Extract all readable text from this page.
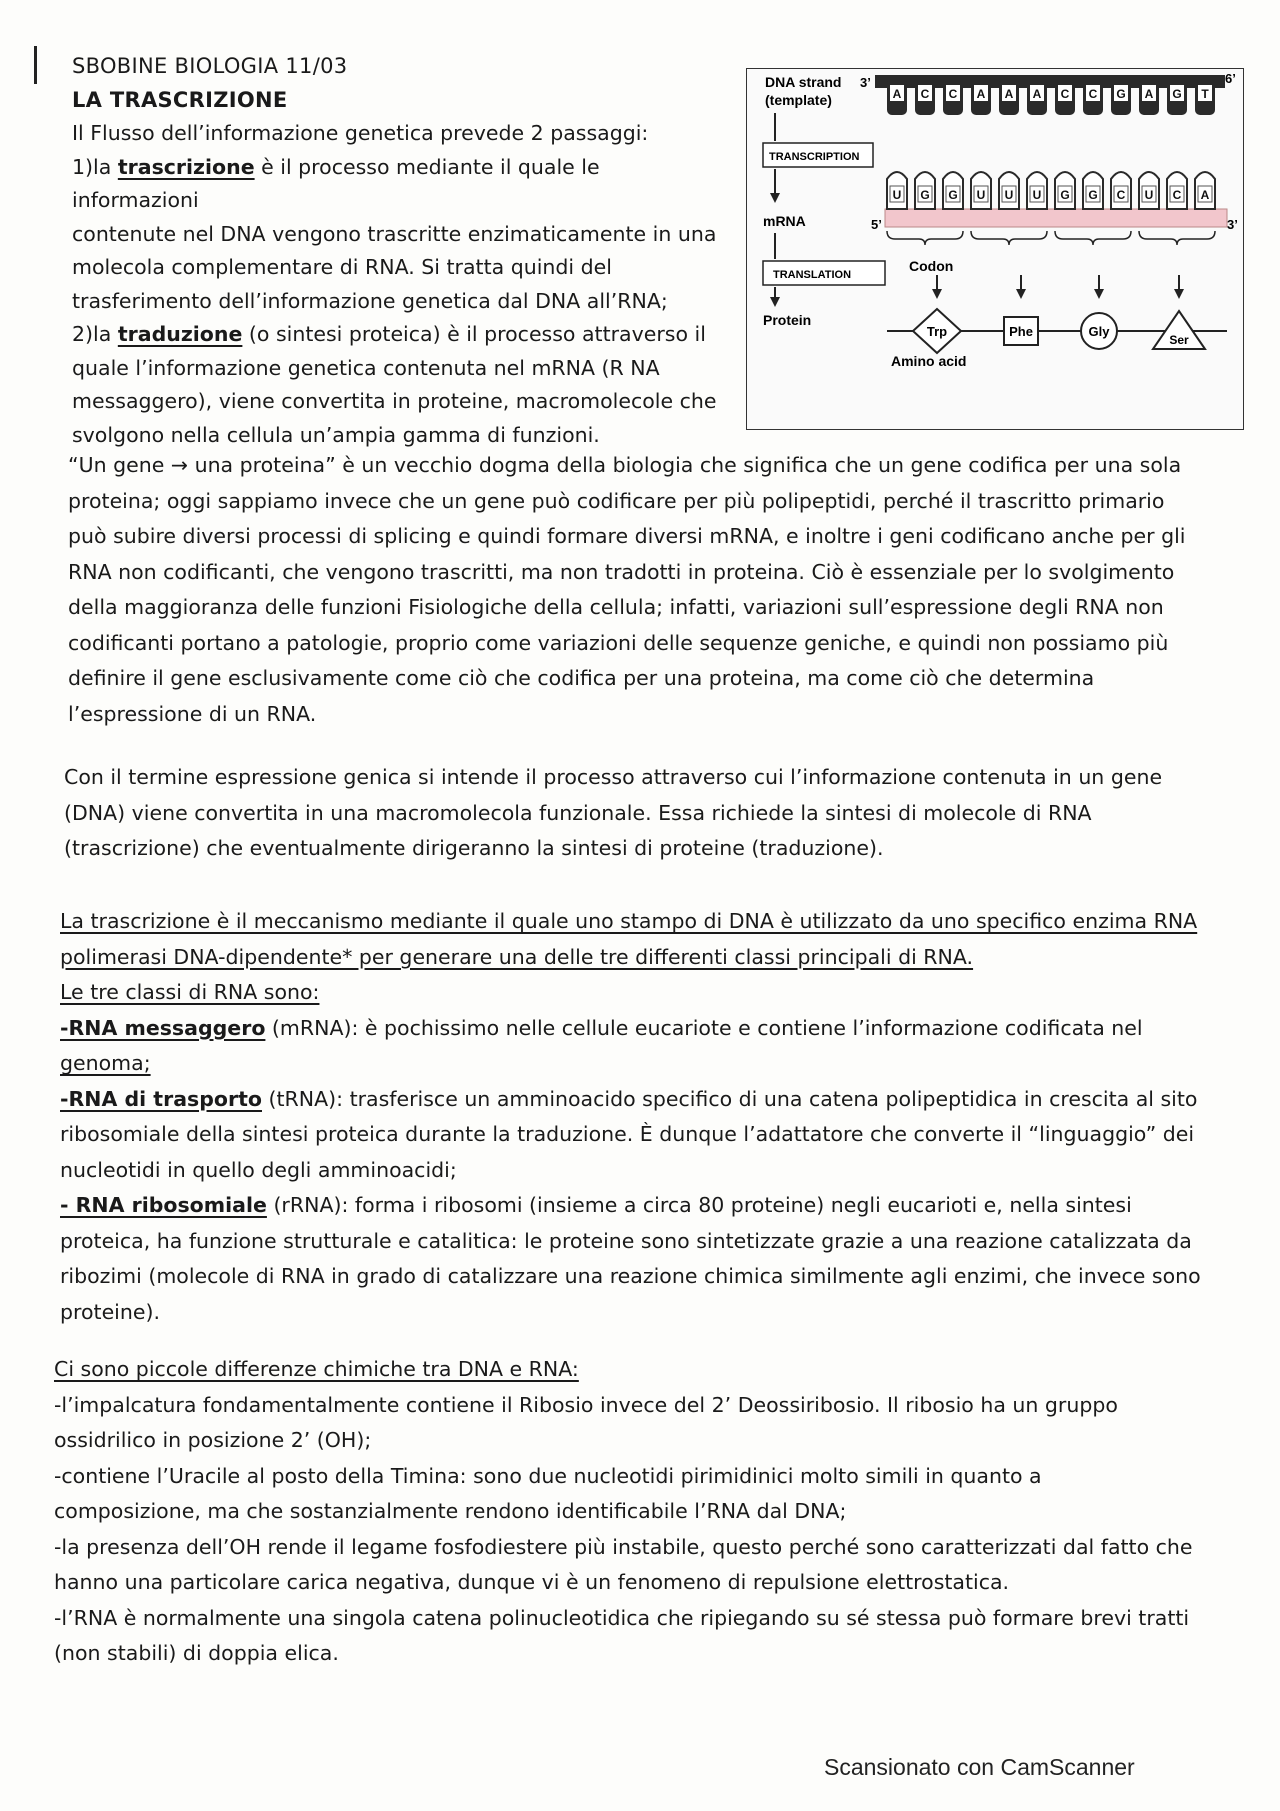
SBOBINE BIOLOGIA 11/03

LA TRASCRIZIONE

Il Flusso dell’informazione genetica prevede 2 passaggi:

1)la trascrizione è il processo mediante il quale le informazioni

contenute nel DNA vengono trascritte enzimaticamente in una

molecola complementare di RNA. Si tratta quindi del

trasferimento dell’informazione genetica dal DNA all’RNA;

2)la traduzione (o sintesi proteica) è il processo attraverso il

quale l’informazione genetica contenuta nel mRNA (R NA

messaggero), viene convertita in proteine, macromolecole che

svolgono nella cellula un’ampia gamma di funzioni.

DNA strand
(template)
3’	6’
A C C A A A C C G A G T
TRANSCRIPTION
mRNA
TRANSLATION
Protein
5’	3’
U G G U U U G G C U C A
Codon
Trp	Phe	Gly
Ser
Amino acid
“Un gene → una proteina” è un vecchio dogma della biologia che significa che un gene codifica per una sola
proteina; oggi sappiamo invece che un gene può codificare per più polipeptidi, perché il trascritto primario
può subire diversi processi di splicing e quindi formare diversi mRNA, e inoltre i geni codificano anche per gli
RNA non codificanti, che vengono trascritti, ma non tradotti in proteina. Ciò è essenziale per lo svolgimento
della maggioranza delle funzioni Fisiologiche della cellula; infatti, variazioni sull’espressione degli RNA non
codificanti portano a patologie, proprio come variazioni delle sequenze geniche, e quindi non possiamo più
definire il gene esclusivamente come ciò che codifica per una proteina, ma come ciò che determina
l’espressione di un RNA.
Con il termine espressione genica si intende il processo attraverso cui l’informazione contenuta in un gene
(DNA) viene convertita in una macromolecola funzionale. Essa richiede la sintesi di molecole di RNA
(trascrizione) che eventualmente dirigeranno la sintesi di proteine (traduzione).
La trascrizione è il meccanismo mediante il quale uno stampo di DNA è utilizzato da uno specifico enzima RNA
polimerasi DNA-dipendente* per generare una delle tre differenti classi principali di RNA.
Le tre classi di RNA sono:
-RNA messaggero (mRNA): è pochissimo nelle cellule eucariote e contiene l’informazione codificata nel
genoma;
-RNA di trasporto (tRNA): trasferisce un amminoacido specifico di una catena polipeptidica in crescita al sito
ribosomiale della sintesi proteica durante la traduzione. È dunque l’adattatore che converte il “linguaggio” dei
nucleotidi in quello degli amminoacidi;
- RNA ribosomiale (rRNA): forma i ribosomi (insieme a circa 80 proteine) negli eucarioti e, nella sintesi
proteica, ha funzione strutturale e catalitica: le proteine sono sintetizzate grazie a una reazione catalizzata da
ribozimi (molecole di RNA in grado di catalizzare una reazione chimica similmente agli enzimi, che invece sono
proteine).
Ci sono piccole differenze chimiche tra DNA e RNA:
-l’impalcatura fondamentalmente contiene il Ribosio invece del 2’ Deossiribosio. Il ribosio ha un gruppo
ossidrilico in posizione 2’ (OH);
-contiene l’Uracile al posto della Timina: sono due nucleotidi pirimidinici molto simili in quanto a
composizione, ma che sostanzialmente rendono identificabile l’RNA dal DNA;
-la presenza dell’OH rende il legame fosfodiestere più instabile, questo perché sono caratterizzati dal fatto che
hanno una particolare carica negativa, dunque vi è un fenomeno di repulsione elettrostatica.
-l’RNA è normalmente una singola catena polinucleotidica che ripiegando su sé stessa può formare brevi tratti
(non stabili) di doppia elica.
Scansionato con CamScanner
